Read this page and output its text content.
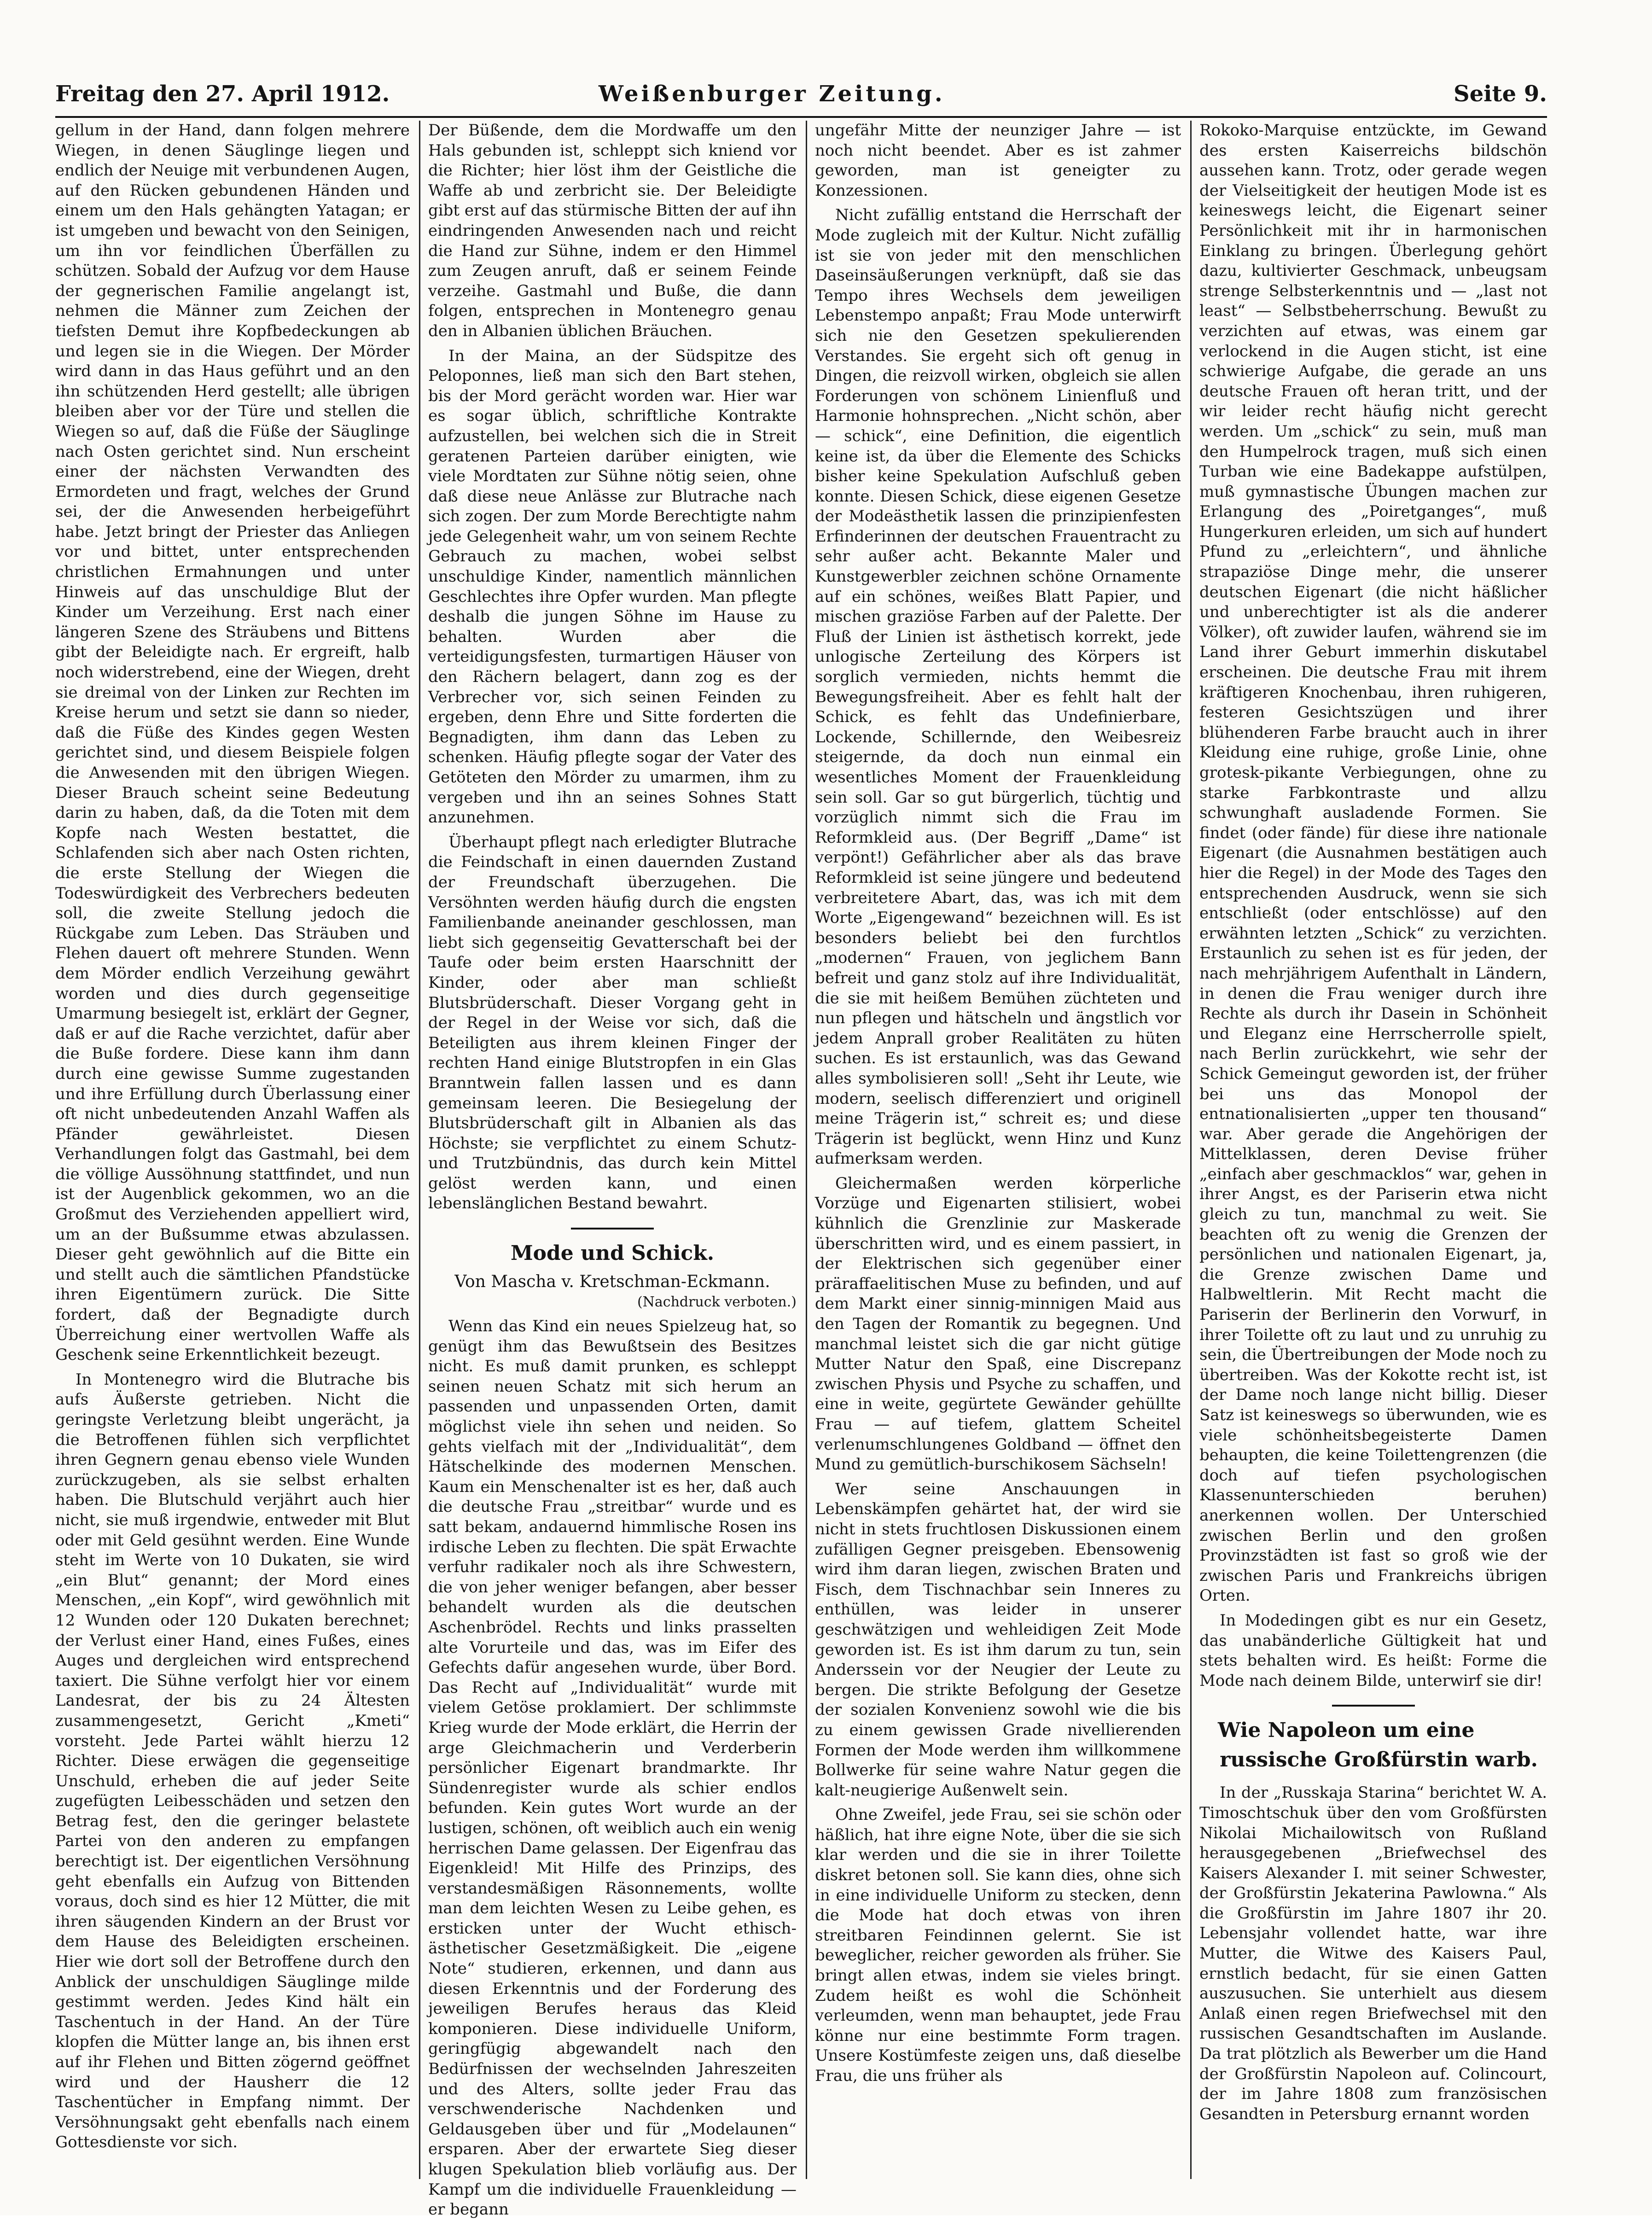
Freitag den 27. April 1912.	Weißenburger Zeitung.	Seite 9.

gellum in der Hand, dann folgen mehrere Wiegen, in denen Säuglinge liegen und endlich der Neuige mit verbundenen Augen, auf den Rücken gebundenen Händen und einem um den Hals gehängten Yatagan; er ist umgeben und bewacht von den Seinigen, um ihn vor feindlichen Überfällen zu schützen. Sobald der Aufzug vor dem Hause der gegnerischen Familie angelangt ist, nehmen die Männer zum Zeichen der tiefsten Demut ihre Kopfbedeckungen ab und legen sie in die Wiegen. Der Mörder wird dann in das Haus geführt und an den ihn schützenden Herd gestellt; alle übrigen bleiben aber vor der Türe und stellen die Wiegen so auf, daß die Füße der Säuglinge nach Osten gerichtet sind. Nun erscheint einer der nächsten Verwandten des Ermordeten und fragt, welches der Grund sei, der die Anwesenden herbeigeführt habe. Jetzt bringt der Priester das Anliegen vor und bittet, unter entsprechenden christlichen Ermahnungen und unter Hinweis auf das unschuldige Blut der Kinder um Verzeihung. Erst nach einer längeren Szene des Sträubens und Bittens gibt der Beleidigte nach. Er ergreift, halb noch widerstrebend, eine der Wiegen, dreht sie dreimal von der Linken zur Rechten im Kreise herum und setzt sie dann so nieder, daß die Füße des Kindes gegen Westen gerichtet sind, und diesem Beispiele folgen die Anwesenden mit den übrigen Wiegen. Dieser Brauch scheint seine Bedeutung darin zu haben, daß, da die Toten mit dem Kopfe nach Westen bestattet, die Schlafenden sich aber nach Osten richten, die erste Stellung der Wiegen die Todeswürdigkeit des Verbrechers bedeuten soll, die zweite Stellung jedoch die Rückgabe zum Leben. Das Sträuben und Flehen dauert oft mehrere Stunden. Wenn dem Mörder endlich Verzeihung gewährt worden und dies durch gegenseitige Umarmung besiegelt ist, erklärt der Gegner, daß er auf die Rache verzichtet, dafür aber die Buße fordere. Diese kann ihm dann durch eine gewisse Summe zugestanden und ihre Erfüllung durch Überlassung einer oft nicht unbedeutenden Anzahl Waffen als Pfänder gewährleistet. Diesen Verhandlungen folgt das Gastmahl, bei dem die völlige Aussöhnung stattfindet, und nun ist der Augenblick gekommen, wo an die Großmut des Verziehenden appelliert wird, um an der Bußsumme etwas abzulassen. Dieser geht gewöhnlich auf die Bitte ein und stellt auch die sämtlichen Pfandstücke ihren Eigentümern zurück. Die Sitte fordert, daß der Begnadigte durch Überreichung einer wertvollen Waffe als Geschenk seine Erkenntlichkeit bezeugt.

In Montenegro wird die Blutrache bis aufs Äußerste getrieben. Nicht die geringste Verletzung bleibt ungerächt, ja die Betroffenen fühlen sich verpflichtet ihren Gegnern genau ebenso viele Wunden zurückzugeben, als sie selbst erhalten haben. Die Blutschuld verjährt auch hier nicht, sie muß irgendwie, entweder mit Blut oder mit Geld gesühnt werden. Eine Wunde steht im Werte von 10 Dukaten, sie wird „ein Blut“ genannt; der Mord eines Menschen, „ein Kopf“, wird gewöhnlich mit 12 Wunden oder 120 Dukaten berechnet; der Verlust einer Hand, eines Fußes, eines Auges und dergleichen wird entsprechend taxiert. Die Sühne verfolgt hier vor einem Landesrat, der bis zu 24 Ältesten zusammengesetzt, Gericht „Kmeti“ vorsteht. Jede Partei wählt hierzu 12 Richter. Diese erwägen die gegenseitige Unschuld, erheben die auf jeder Seite zugefügten Leibesschäden und setzen den Betrag fest, den die geringer belastete Partei von den anderen zu empfangen berechtigt ist. Der eigentlichen Versöhnung geht ebenfalls ein Aufzug von Bittenden voraus, doch sind es hier 12 Mütter, die mit ihren säugenden Kindern an der Brust vor dem Hause des Beleidigten erscheinen. Hier wie dort soll der Betroffene durch den Anblick der unschuldigen Säuglinge milde gestimmt werden. Jedes Kind hält ein Taschentuch in der Hand. An der Türe klopfen die Mütter lange an, bis ihnen erst auf ihr Flehen und Bitten zögernd geöffnet wird und der Hausherr die 12 Taschentücher in Empfang nimmt. Der Versöhnungsakt geht ebenfalls nach einem Gottesdienste vor sich.

Der Büßende, dem die Mordwaffe um den Hals gebunden ist, schleppt sich kniend vor die Richter; hier löst ihm der Geistliche die Waffe ab und zerbricht sie. Der Beleidigte gibt erst auf das stürmische Bitten der auf ihn eindringenden Anwesenden nach und reicht die Hand zur Sühne, indem er den Himmel zum Zeugen anruft, daß er seinem Feinde verzeihe. Gastmahl und Buße, die dann folgen, entsprechen in Montenegro genau den in Albanien üblichen Bräuchen.

In der Maina, an der Südspitze des Peloponnes, ließ man sich den Bart stehen, bis der Mord gerächt worden war. Hier war es sogar üblich, schriftliche Kontrakte aufzustellen, bei welchen sich die in Streit geratenen Parteien darüber einigten, wie viele Mordtaten zur Sühne nötig seien, ohne daß diese neue Anlässe zur Blutrache nach sich zogen. Der zum Morde Berechtigte nahm jede Gelegenheit wahr, um von seinem Rechte Gebrauch zu machen, wobei selbst unschuldige Kinder, namentlich männlichen Geschlechtes ihre Opfer wurden. Man pflegte deshalb die jungen Söhne im Hause zu behalten. Wurden aber die verteidigungsfesten, turmartigen Häuser von den Rächern belagert, dann zog es der Verbrecher vor, sich seinen Feinden zu ergeben, denn Ehre und Sitte forderten die Begnadigten, ihm dann das Leben zu schenken. Häufig pflegte sogar der Vater des Getöteten den Mörder zu umarmen, ihm zu vergeben und ihn an seines Sohnes Statt anzunehmen.

Überhaupt pflegt nach erledigter Blutrache die Feindschaft in einen dauernden Zustand der Freundschaft überzugehen. Die Versöhnten werden häufig durch die engsten Familienbande aneinander geschlossen, man liebt sich gegenseitig Gevatterschaft bei der Taufe oder beim ersten Haarschnitt der Kinder, oder aber man schließt Blutsbrüderschaft. Dieser Vorgang geht in der Regel in der Weise vor sich, daß die Beteiligten aus ihrem kleinen Finger der rechten Hand einige Blutstropfen in ein Glas Branntwein fallen lassen und es dann gemeinsam leeren. Die Besiegelung der Blutsbrüderschaft gilt in Albanien als das Höchste; sie verpflichtet zu einem Schutz- und Trutzbündnis, das durch kein Mittel gelöst werden kann, und einen lebenslänglichen Bestand bewahrt.

Mode und Schick.
Von Mascha v. Kretschman-Eckmann.
(Nachdruck verboten.)

Wenn das Kind ein neues Spielzeug hat, so genügt ihm das Bewußtsein des Besitzes nicht. Es muß damit prunken, es schleppt seinen neuen Schatz mit sich herum an passenden und unpassenden Orten, damit möglichst viele ihn sehen und neiden. So gehts vielfach mit der „Individualität“, dem Hätschelkinde des modernen Menschen. Kaum ein Menschenalter ist es her, daß auch die deutsche Frau „streitbar“ wurde und es satt bekam, andauernd himmlische Rosen ins irdische Leben zu flechten. Die spät Erwachte verfuhr radikaler noch als ihre Schwestern, die von jeher weniger befangen, aber besser behandelt wurden als die deutschen Aschenbrödel. Rechts und links prasselten alte Vorurteile und das, was im Eifer des Gefechts dafür angesehen wurde, über Bord. Das Recht auf „Individualität“ wurde mit vielem Getöse proklamiert. Der schlimmste Krieg wurde der Mode erklärt, die Herrin der arge Gleichmacherin und Verderberin persönlicher Eigenart brandmarkte. Ihr Sündenregister wurde als schier endlos befunden. Kein gutes Wort wurde an der lustigen, schönen, oft weiblich auch ein wenig herrischen Dame gelassen. Der Eigenfrau das Eigenkleid! Mit Hilfe des Prinzips, des verstandesmäßigen Räsonnements, wollte man dem leichten Wesen zu Leibe gehen, es ersticken unter der Wucht ethisch-ästhetischer Gesetzmäßigkeit. Die „eigene Note“ studieren, erkennen, und dann aus diesen Erkenntnis und der Forderung des jeweiligen Berufes heraus das Kleid komponieren. Diese individuelle Uniform, geringfügig abgewandelt nach den Bedürfnissen der wechselnden Jahreszeiten und des Alters, sollte jeder Frau das verschwenderische Nachdenken und Geldausgeben über und für „Modelaunen“ ersparen. Aber der erwartete Sieg dieser klugen Spekulation blieb vorläufig aus. Der Kampf um die individuelle Frauenkleidung — er begann

ungefähr Mitte der neunziger Jahre — ist noch nicht beendet. Aber es ist zahmer geworden, man ist geneigter zu Konzessionen.

Nicht zufällig entstand die Herrschaft der Mode zugleich mit der Kultur. Nicht zufällig ist sie von jeder mit den menschlichen Daseinsäußerungen verknüpft, daß sie das Tempo ihres Wechsels dem jeweiligen Lebenstempo anpaßt; Frau Mode unterwirft sich nie den Gesetzen spekulierenden Verstandes. Sie ergeht sich oft genug in Dingen, die reizvoll wirken, obgleich sie allen Forderungen von schönem Linienfluß und Harmonie hohnsprechen. „Nicht schön, aber — schick“, eine Definition, die eigentlich keine ist, da über die Elemente des Schicks bisher keine Spekulation Aufschluß geben konnte. Diesen Schick, diese eigenen Gesetze der Modeästhetik lassen die prinzipienfesten Erfinderinnen der deutschen Frauentracht zu sehr außer acht. Bekannte Maler und Kunstgewerbler zeichnen schöne Ornamente auf ein schönes, weißes Blatt Papier, und mischen graziöse Farben auf der Palette. Der Fluß der Linien ist ästhetisch korrekt, jede unlogische Zerteilung des Körpers ist sorglich vermieden, nichts hemmt die Bewegungsfreiheit. Aber es fehlt halt der Schick, es fehlt das Undefinierbare, Lockende, Schillernde, den Weibesreiz steigernde, da doch nun einmal ein wesentliches Moment der Frauenkleidung sein soll. Gar so gut bürgerlich, tüchtig und vorzüglich nimmt sich die Frau im Reformkleid aus. (Der Begriff „Dame“ ist verpönt!) Gefährlicher aber als das brave Reformkleid ist seine jüngere und bedeutend verbreitetere Abart, das, was ich mit dem Worte „Eigengewand“ bezeichnen will. Es ist besonders beliebt bei den furchtlos „modernen“ Frauen, von jeglichem Bann befreit und ganz stolz auf ihre Individualität, die sie mit heißem Bemühen züchteten und nun pflegen und hätscheln und ängstlich vor jedem Anprall grober Realitäten zu hüten suchen. Es ist erstaunlich, was das Gewand alles symbolisieren soll! „Seht ihr Leute, wie modern, seelisch differenziert und originell meine Trägerin ist,“ schreit es; und diese Trägerin ist beglückt, wenn Hinz und Kunz aufmerksam werden.

Gleichermaßen werden körperliche Vorzüge und Eigenarten stilisiert, wobei kühnlich die Grenzlinie zur Maskerade überschritten wird, und es einem passiert, in der Elektrischen sich gegenüber einer präraffaelitischen Muse zu befinden, und auf dem Markt einer sinnig-minnigen Maid aus den Tagen der Romantik zu begegnen. Und manchmal leistet sich die gar nicht gütige Mutter Natur den Spaß, eine Discrepanz zwischen Physis und Psyche zu schaffen, und eine in weite, gegürtete Gewänder gehüllte Frau — auf tiefem, glattem Scheitel verlenumschlungenes Goldband — öffnet den Mund zu gemütlich-burschikosem Sächseln!

Wer seine Anschauungen in Lebenskämpfen gehärtet hat, der wird sie nicht in stets fruchtlosen Diskussionen einem zufälligen Gegner preisgeben. Ebensowenig wird ihm daran liegen, zwischen Braten und Fisch, dem Tischnachbar sein Inneres zu enthüllen, was leider in unserer geschwätzigen und wehleidigen Zeit Mode geworden ist. Es ist ihm darum zu tun, sein Anderssein vor der Neugier der Leute zu bergen. Die strikte Befolgung der Gesetze der sozialen Konvenienz sowohl wie die bis zu einem gewissen Grade nivellierenden Formen der Mode werden ihm willkommene Bollwerke für seine wahre Natur gegen die kalt-neugierige Außenwelt sein.

Ohne Zweifel, jede Frau, sei sie schön oder häßlich, hat ihre eigne Note, über die sie sich klar werden und die sie in ihrer Toilette diskret betonen soll. Sie kann dies, ohne sich in eine individuelle Uniform zu stecken, denn die Mode hat doch etwas von ihren streitbaren Feindinnen gelernt. Sie ist beweglicher, reicher geworden als früher. Sie bringt allen etwas, indem sie vieles bringt. Zudem heißt es wohl die Schönheit verleumden, wenn man behauptet, jede Frau könne nur eine bestimmte Form tragen. Unsere Kostümfeste zeigen uns, daß dieselbe Frau, die uns früher als

Rokoko-Marquise entzückte, im Gewand des ersten Kaiserreichs bildschön aussehen kann. Trotz, oder gerade wegen der Vielseitigkeit der heutigen Mode ist es keineswegs leicht, die Eigenart seiner Persönlichkeit mit ihr in harmonischen Einklang zu bringen. Überlegung gehört dazu, kultivierter Geschmack, unbeugsam strenge Selbsterkenntnis und — „last not least“ — Selbstbeherrschung. Bewußt zu verzichten auf etwas, was einem gar verlockend in die Augen sticht, ist eine schwierige Aufgabe, die gerade an uns deutsche Frauen oft heran tritt, und der wir leider recht häufig nicht gerecht werden. Um „schick“ zu sein, muß man den Humpelrock tragen, muß sich einen Turban wie eine Badekappe aufstülpen, muß gymnastische Übungen machen zur Erlangung des „Poiretganges“, muß Hungerkuren erleiden, um sich auf hundert Pfund zu „erleichtern“, und ähnliche strapaziöse Dinge mehr, die unserer deutschen Eigenart (die nicht häßlicher und unberechtigter ist als die anderer Völker), oft zuwider laufen, während sie im Land ihrer Geburt immerhin diskutabel erscheinen. Die deutsche Frau mit ihrem kräftigeren Knochenbau, ihren ruhigeren, festeren Gesichtszügen und ihrer blühenderen Farbe braucht auch in ihrer Kleidung eine ruhige, große Linie, ohne grotesk-pikante Verbiegungen, ohne zu starke Farbkontraste und allzu schwunghaft ausladende Formen. Sie findet (oder fände) für diese ihre nationale Eigenart (die Ausnahmen bestätigen auch hier die Regel) in der Mode des Tages den entsprechenden Ausdruck, wenn sie sich entschließt (oder entschlösse) auf den erwähnten letzten „Schick“ zu verzichten. Erstaunlich zu sehen ist es für jeden, der nach mehrjährigem Aufenthalt in Ländern, in denen die Frau weniger durch ihre Rechte als durch ihr Dasein in Schönheit und Eleganz eine Herrscherrolle spielt, nach Berlin zurückkehrt, wie sehr der Schick Gemeingut geworden ist, der früher bei uns das Monopol der entnationalisierten „upper ten thousand“ war. Aber gerade die Angehörigen der Mittelklassen, deren Devise früher „einfach aber geschmacklos“ war, gehen in ihrer Angst, es der Pariserin etwa nicht gleich zu tun, manchmal zu weit. Sie beachten oft zu wenig die Grenzen der persönlichen und nationalen Eigenart, ja, die Grenze zwischen Dame und Halbweltlerin. Mit Recht macht die Pariserin der Berlinerin den Vorwurf, in ihrer Toilette oft zu laut und zu unruhig zu sein, die Übertreibungen der Mode noch zu übertreiben. Was der Kokotte recht ist, ist der Dame noch lange nicht billig. Dieser Satz ist keineswegs so überwunden, wie es viele schönheitsbegeisterte Damen behaupten, die keine Toilettengrenzen (die doch auf tiefen psychologischen Klassenunterschieden beruhen) anerkennen wollen. Der Unterschied zwischen Berlin und den großen Provinzstädten ist fast so groß wie der zwischen Paris und Frankreichs übrigen Orten.

In Modedingen gibt es nur ein Gesetz, das unabänderliche Gültigkeit hat und stets behalten wird. Es heißt: Forme die Mode nach deinem Bilde, unterwirf sie dir!

Wie Napoleon um eine
russische Großfürstin warb.

In der „Russkaja Starina“ berichtet W. A. Timoschtschuk über den vom Großfürsten Nikolai Michailowitsch von Rußland herausgegebenen „Briefwechsel des Kaisers Alexander I. mit seiner Schwester, der Großfürstin Jekaterina Pawlowna.“ Als die Großfürstin im Jahre 1807 ihr 20. Lebensjahr vollendet hatte, war ihre Mutter, die Witwe des Kaisers Paul, ernstlich bedacht, für sie einen Gatten auszusuchen. Sie unterhielt aus diesem Anlaß einen regen Briefwechsel mit den russischen Gesandtschaften im Auslande. Da trat plötzlich als Bewerber um die Hand der Großfürstin Napoleon auf. Colincourt, der im Jahre 1808 zum französischen Gesandten in Petersburg ernannt worden
